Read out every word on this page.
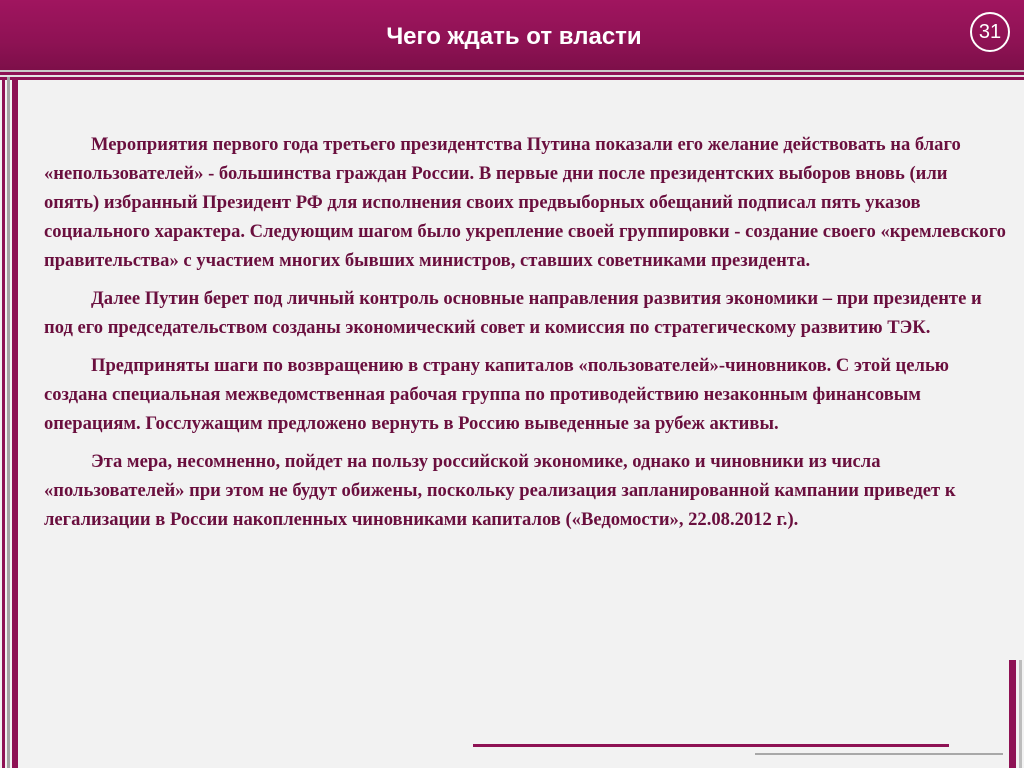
Чего ждать от власти	31

Мероприятия первого года третьего президентства Путина показали его желание действовать на благо «непользователей» - большинства граждан России. В первые дни после президентских выборов вновь (или опять) избранный Президент РФ для исполнения своих предвыборных обещаний подписал пять указов социального характера. Следующим шагом было укрепление своей группировки - создание своего «кремлевского правительства» с участием многих бывших министров, ставших советниками президента.

Далее Путин берет под личный контроль основные направления развития экономики – при президенте и под его председательством созданы экономический совет и комиссия по стратегическому развитию ТЭК.

Предприняты шаги по возвращению в страну капиталов «пользователей»-чиновников. С этой целью создана специальная межведомственная рабочая группа по противодействию незаконным финансовым операциям. Госслужащим предложено вернуть в Россию выведенные за рубеж активы.

Эта мера, несомненно, пойдет на пользу российской экономике, однако и чиновники из числа «пользователей» при этом не будут обижены, поскольку реализация запланированной кампании приведет к легализации в России накопленных чиновниками капиталов («Ведомости», 22.08.2012 г.).
